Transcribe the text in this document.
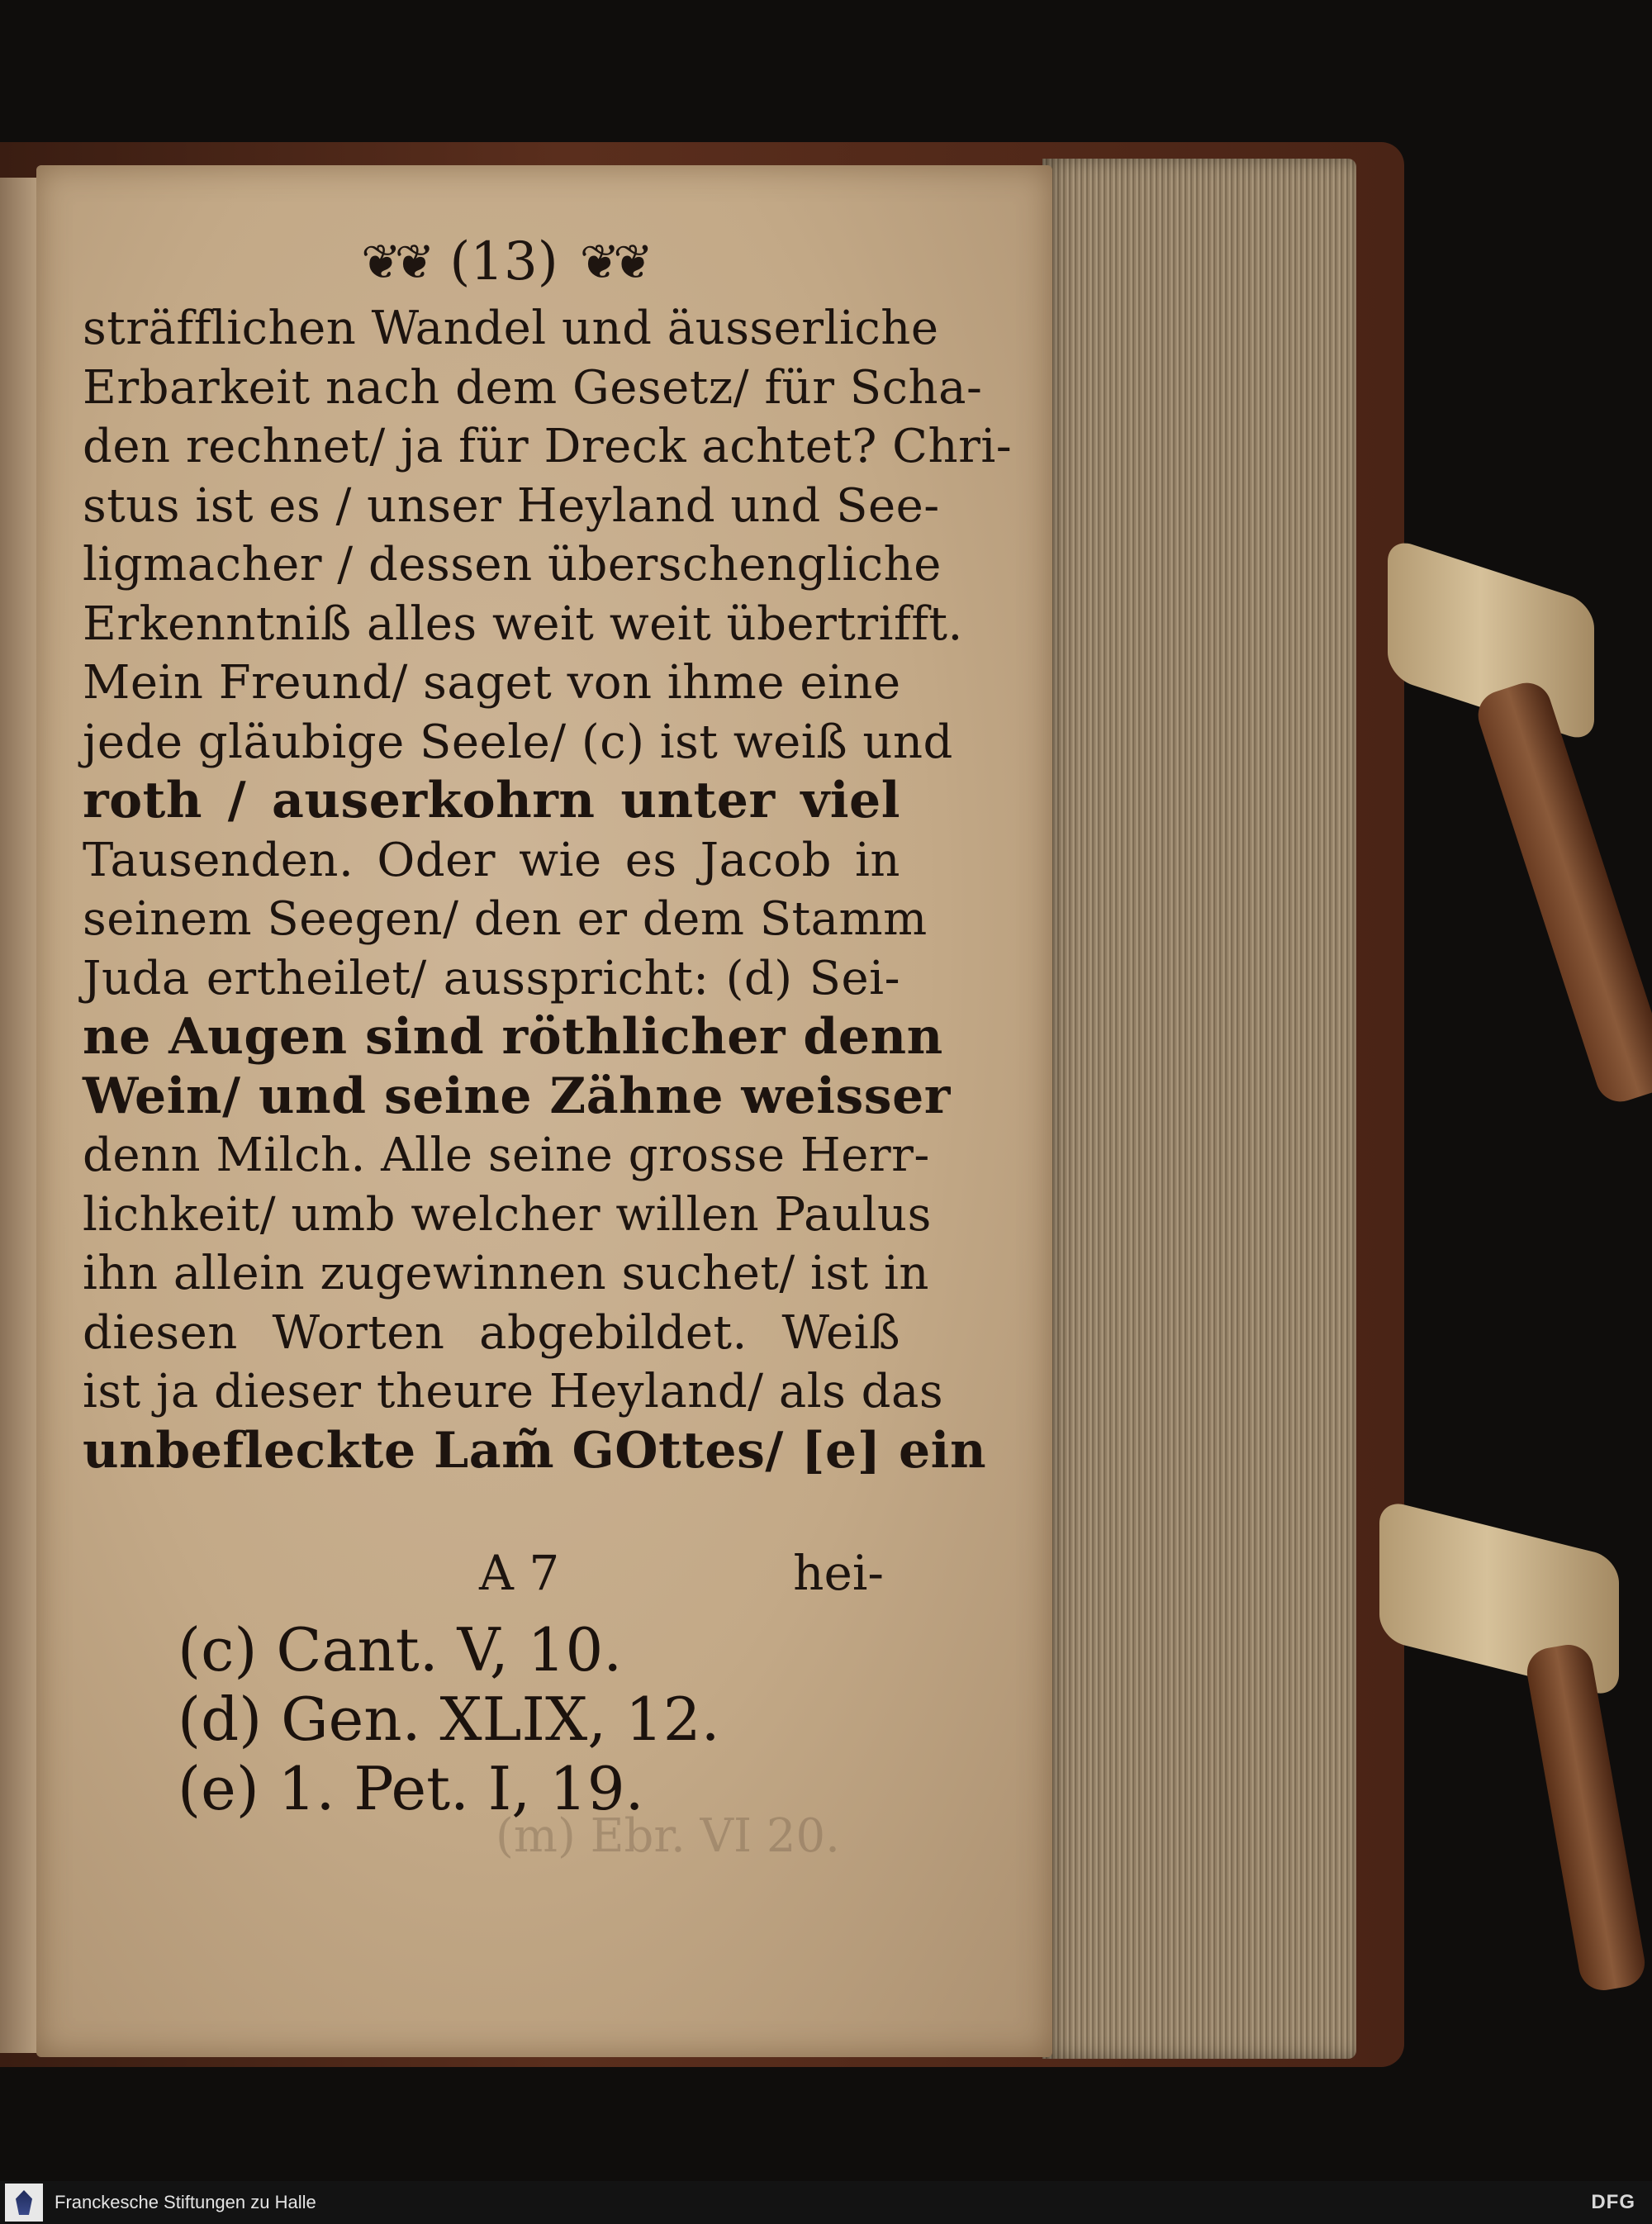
❦❦ (13) ❦❦
sträfflichen Wandel und äusserliche
Erbarkeit nach dem Gesetz/ für Scha-
den rechnet/ ja für Dreck achtet? Chri-
stus ist es / unser Heyland und See-
ligmacher / dessen überschengliche
Erkenntniß alles weit weit übertrifft.
Mein Freund/ saget von ihme eine
jede gläubige Seele/ (c) ist weiß und
roth / auserkohrn unter viel
Tausenden. Oder wie es Jacob in
seinem Seegen/ den er dem Stamm
Juda ertheilet/ ausspricht: (d) Sei-
ne Augen sind röthlicher denn
Wein/ und seine Zähne weisser
denn Milch. Alle seine grosse Herr-
lichkeit/ umb welcher willen Paulus
ihn allein zugewinnen suchet/ ist in
diesen Worten abgebildet. Weiß
ist ja dieser theure Heyland/ als das
unbefleckte Lam̃ GOttes/ [e] ein
A 7	hei-
(c) Cant. V, 10.
(d) Gen. XLIX, 12.
(e) 1. Pet. I, 19.
(m) Ebr. VI 20.
Franckesche Stiftungen zu Halle	DFG
